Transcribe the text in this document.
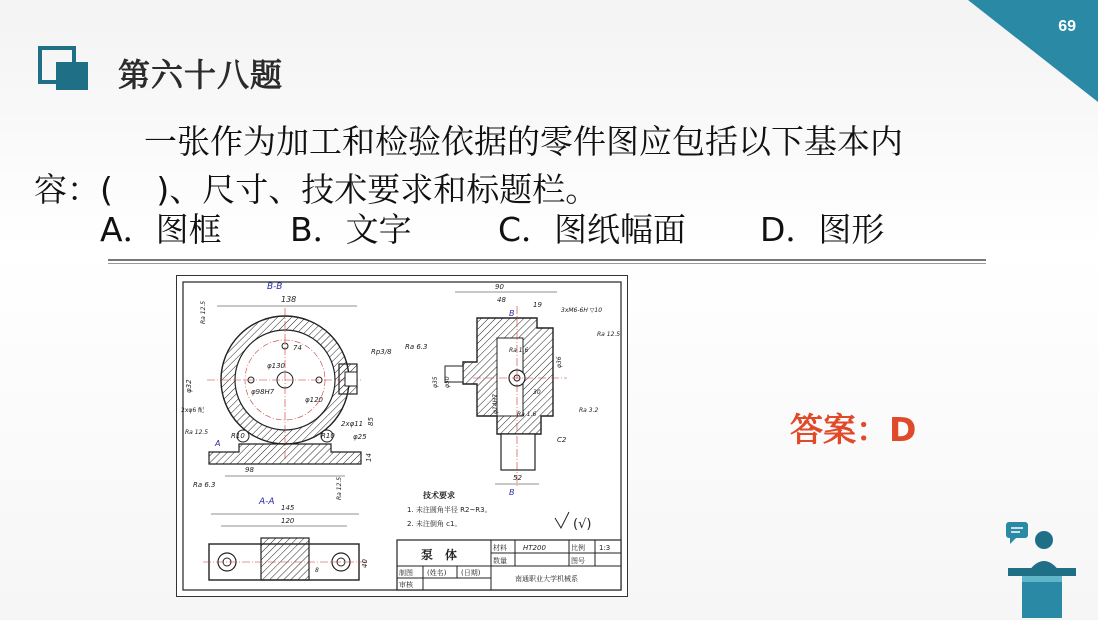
69
第六十八题
一张作为加工和检验依据的零件图应包括以下基本内
容：(　 )、尺寸、技术要求和标题栏。
A．图框 B．文字	C．图纸幅面 D．图形
B-B
138
74
φ130
φ98H7
φ120
φ32
Rp3/8
Ra 6.3
2xφ6 配
Ra 12.5
Ra 12.5
R10	R10
2xφ11
φ25
A
98
85
Ra 6.3	Ra 12.5
A-A
145
120
40
8
90
48
19
B	3xM6-6H ▽10
Ra 12.5
Ra 1.6
Ra 1.6
Ra 3.2
30
C2
φ35 φ50
φ36
φ14H7
52
B
14
技术要求
1. 未注圆角半径 R2~R3。
2. 未注倒角 c1。	(√)
泵　体	材料 HT200	比例 1:3
数量	图号
制图 (姓名) (日期)
审核
南通职业大学机械系
答案：D
